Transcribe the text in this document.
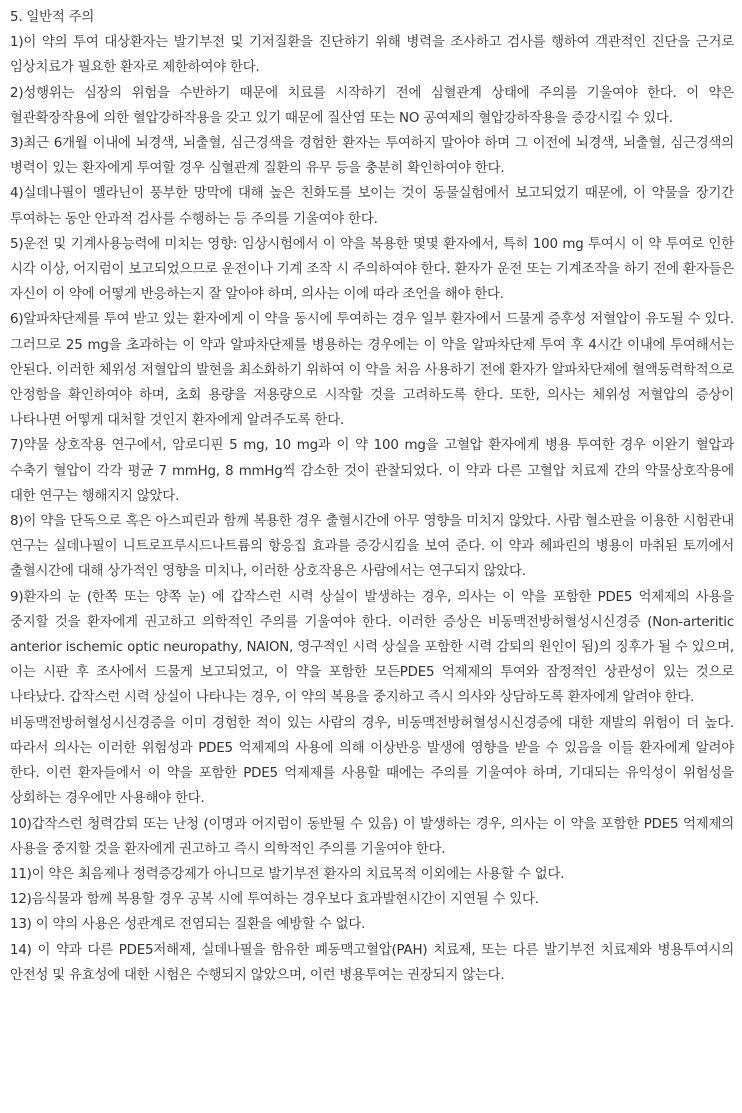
5. 일반적 주의

1)이 약의 투여 대상환자는 발기부전 및 기저질환을 진단하기 위해 병력을 조사하고 검사를 행하여 객관적인 진단을 근거로 임상치료가 필요한 환자로 제한하여야 한다.

2)성행위는 심장의 위험을 수반하기 때문에 치료를 시작하기 전에 심혈관계 상태에 주의를 기울여야 한다. 이 약은 혈관확장작용에 의한 혈압강하작용을 갖고 있기 때문에 질산염 또는 NO 공여제의 혈압강하작용을 증강시킬 수 있다.

3)최근 6개월 이내에 뇌경색, 뇌출혈, 심근경색을 경험한 환자는 투여하지 말아야 하며 그 이전에 뇌경색, 뇌출혈, 심근경색의 병력이 있는 환자에게 투여할 경우 심혈관계 질환의 유무 등을 충분히 확인하여야 한다.

4)실데나필이 멜라닌이 풍부한 망막에 대해 높은 친화도를 보이는 것이 동물실험에서 보고되었기 때문에, 이 약물을 장기간 투여하는 동안 안과적 검사를 수행하는 등 주의를 기울여야 한다.

5)운전 및 기계사용능력에 미치는 영향: 임상시험에서 이 약을 복용한 몇몇 환자에서, 특히 100 mg 투여시 이 약 투여로 인한 시각 이상, 어지럼이 보고되었으므로 운전이나 기계 조작 시 주의하여야 한다. 환자가 운전 또는 기계조작을 하기 전에 환자들은 자신이 이 약에 어떻게 반응하는지 잘 알아야 하며, 의사는 이에 따라 조언을 해야 한다.

6)알파차단제를 투여 받고 있는 환자에게 이 약을 동시에 투여하는 경우 일부 환자에서 드물게 증후성 저혈압이 유도될 수 있다. 그러므로 25 mg을 초과하는 이 약과 알파차단제를 병용하는 경우에는 이 약을 알파차단제 투여 후 4시간 이내에 투여해서는 안된다. 이러한 체위성 저혈압의 발현을 최소화하기 위하여 이 약을 처음 사용하기 전에 환자가 알파차단제에 혈액동력학적으로 안정함을 확인하여야 하며, 초회 용량을 저용량으로 시작할 것을 고려하도록 한다. 또한, 의사는 체위성 저혈압의 증상이 나타나면 어떻게 대처할 것인지 환자에게 알려주도록 한다.

7)약물 상호작용 연구에서, 암로디핀 5 mg, 10 mg과 이 약 100 mg을 고혈압 환자에게 병용 투여한 경우 이완기 혈압과 수축기 혈압이 각각 평균 7 mmHg, 8 mmHg씩 감소한 것이 관찰되었다. 이 약과 다른 고혈압 치료제 간의 약물상호작용에 대한 연구는 행해지지 않았다.

8)이 약을 단독으로 혹은 아스피린과 함께 복용한 경우 출혈시간에 아무 영향을 미치지 않았다. 사람 혈소판을 이용한 시험관내 연구는 실데나필이 니트로프루시드나트륨의 항응집 효과를 증강시킴을 보여 준다. 이 약과 헤파린의 병용이 마취된 토끼에서 출혈시간에 대해 상가적인 영향을 미치나, 이러한 상호작용은 사람에서는 연구되지 않았다.

9)환자의 눈 (한쪽 또는 양쪽 눈) 에 갑작스런 시력 상실이 발생하는 경우, 의사는 이 약을 포함한 PDE5 억제제의 사용을 중지할 것을 환자에게 권고하고 의학적인 주의를 기울여야 한다. 이러한 증상은 비동맥전방허혈성시신경증 (Non-arteritic anterior ischemic optic neuropathy, NAION, 영구적인 시력 상실을 포함한 시력 감퇴의 원인이 됨)의 징후가 될 수 있으며, 이는 시판 후 조사에서 드물게 보고되었고, 이 약을 포함한 모든PDE5 억제제의 투여와 잠정적인 상관성이 있는 것으로 나타났다. 갑작스런 시력 상실이 나타나는 경우, 이 약의 복용을 중지하고 즉시 의사와 상담하도록 환자에게 알려야 한다.

비동맥전방허혈성시신경증을 이미 경험한 적이 있는 사람의 경우, 비동맥전방허혈성시신경증에 대한 재발의 위험이 더 높다. 따라서 의사는 이러한 위험성과 PDE5 억제제의 사용에 의해 이상반응 발생에 영향을 받을 수 있음을 이들 환자에게 알려야 한다. 이런 환자들에서 이 약을 포함한 PDE5 억제제를 사용할 때에는 주의를 기울여야 하며, 기대되는 유익성이 위험성을 상회하는 경우에만 사용해야 한다.

10)갑작스런 청력감퇴 또는 난청 (이명과 어지럼이 동반될 수 있음) 이 발생하는 경우, 의사는 이 약을 포함한 PDE5 억제제의 사용을 중지할 것을 환자에게 권고하고 즉시 의학적인 주의를 기울여야 한다.

11)이 약은 최음제나 정력증강제가 아니므로 발기부전 환자의 치료목적 이외에는 사용할 수 없다.

12)음식물과 함께 복용할 경우 공복 시에 투여하는 경우보다 효과발현시간이 지연될 수 있다.

13) 이 약의 사용은 성관계로 전염되는 질환을 예방할 수 없다.

14) 이 약과 다른 PDE5저해제, 실데나필을 함유한 폐동맥고혈압(PAH) 치료제, 또는 다른 발기부전 치료제와 병용투여시의 안전성 및 유효성에 대한 시험은 수행되지 않았으며, 이런 병용투여는 권장되지 않는다.
